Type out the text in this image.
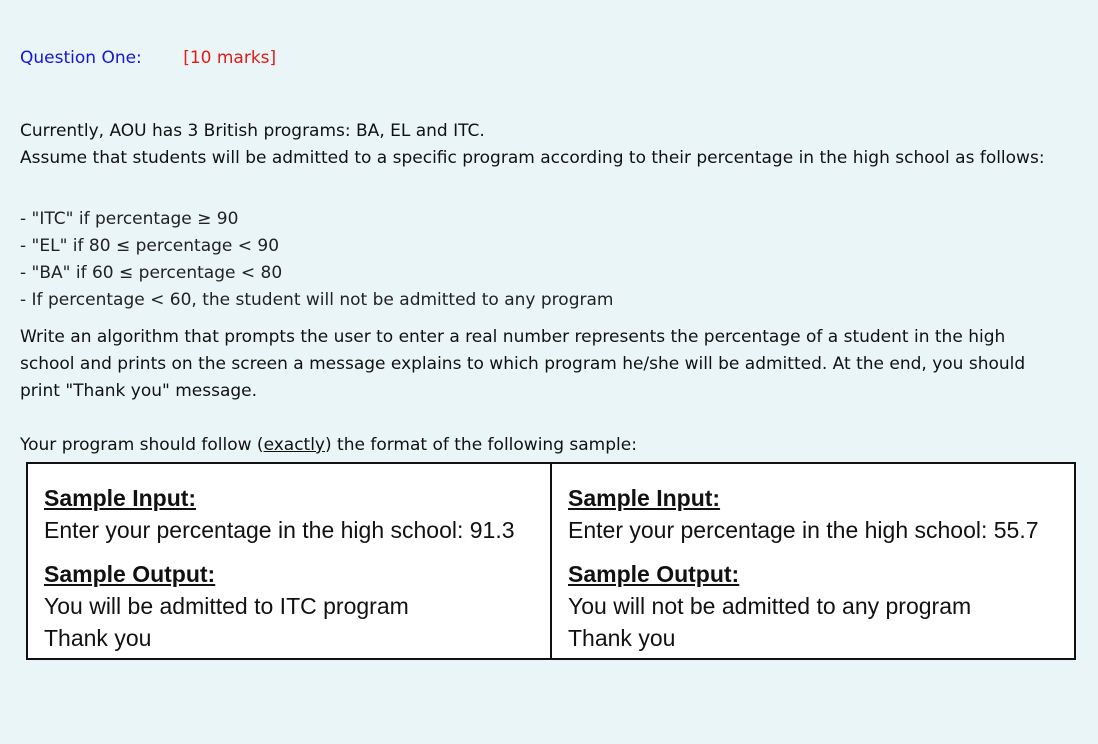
Question One: [10 marks]
Currently, AOU has 3 British programs: BA, EL and ITC.
Assume that students will be admitted to a specific program according to their percentage in the high school as follows:
- "ITC" if percentage ≥ 90
- "EL" if 80 ≤ percentage < 90
- "BA" if 60 ≤ percentage < 80
- If percentage < 60, the student will not be admitted to any program

Write an algorithm that prompts the user to enter a real number represents the percentage of a student in the high school and prints on the screen a message explains to which program he/she will be admitted. At the end, you should print "Thank you" message.

Your program should follow (exactly) the format of the following sample:

Sample Input:
Enter your percentage in the high school: 91.3
Sample Output:
You will be admitted to ITC program
Thank you
Sample Input:
Enter your percentage in the high school: 55.7
Sample Output:
You will not be admitted to any program
Thank you
